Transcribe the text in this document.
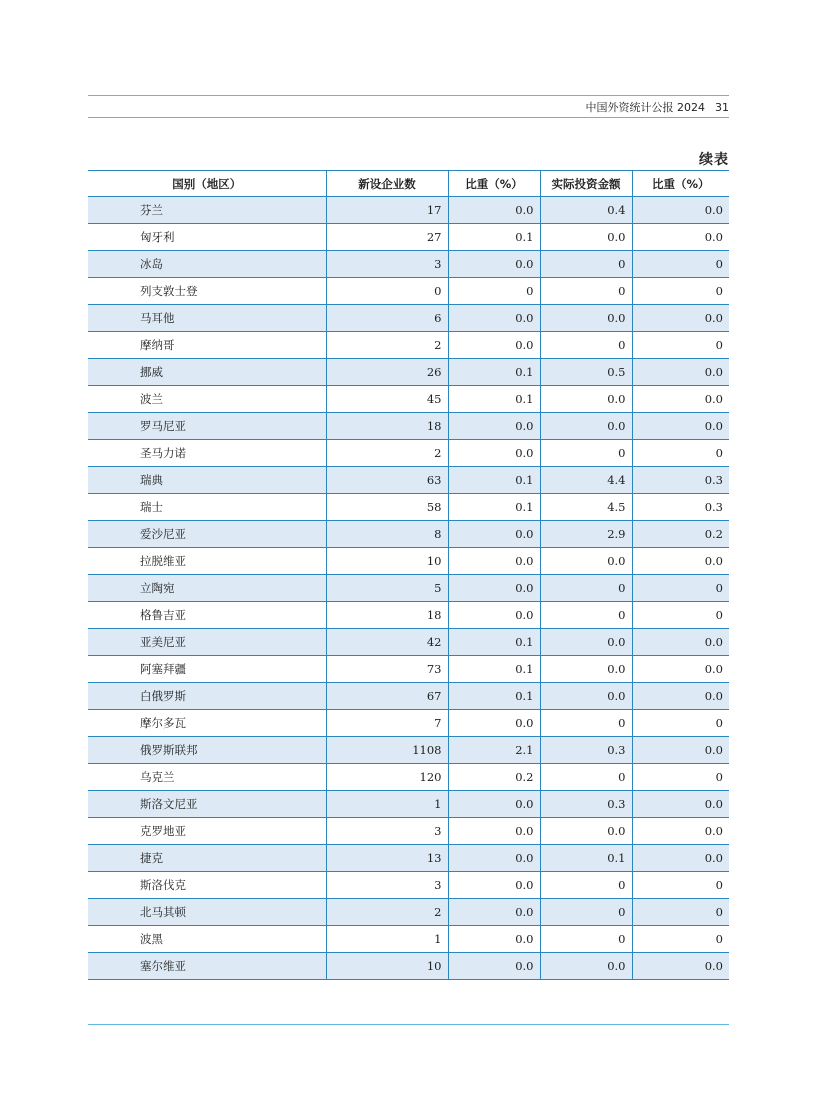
中国外资统计公报 2024 31
续表
国别（地区）	新设企业数	比重（%）	实际投资金额	比重（%）
芬兰	17	0.0	0.4	0.0
匈牙利	27	0.1	0.0	0.0
冰岛	3	0.0	0	0
列支敦士登	0	0	0	0
马耳他	6	0.0	0.0	0.0
摩纳哥	2	0.0	0	0
挪威	26	0.1	0.5	0.0
波兰	45	0.1	0.0	0.0
罗马尼亚	18	0.0	0.0	0.0
圣马力诺	2	0.0	0	0
瑞典	63	0.1	4.4	0.3
瑞士	58	0.1	4.5	0.3
爱沙尼亚	8	0.0	2.9	0.2
拉脱维亚	10	0.0	0.0	0.0
立陶宛	5	0.0	0	0
格鲁吉亚	18	0.0	0	0
亚美尼亚	42	0.1	0.0	0.0
阿塞拜疆	73	0.1	0.0	0.0
白俄罗斯	67	0.1	0.0	0.0
摩尔多瓦	7	0.0	0	0
俄罗斯联邦	1108	2.1	0.3	0.0
乌克兰	120	0.2	0	0
斯洛文尼亚	1	0.0	0.3	0.0
克罗地亚	3	0.0	0.0	0.0
捷克	13	0.0	0.1	0.0
斯洛伐克	3	0.0	0	0
北马其顿	2	0.0	0	0
波黑	1	0.0	0	0
塞尔维亚	10	0.0	0.0	0.0
